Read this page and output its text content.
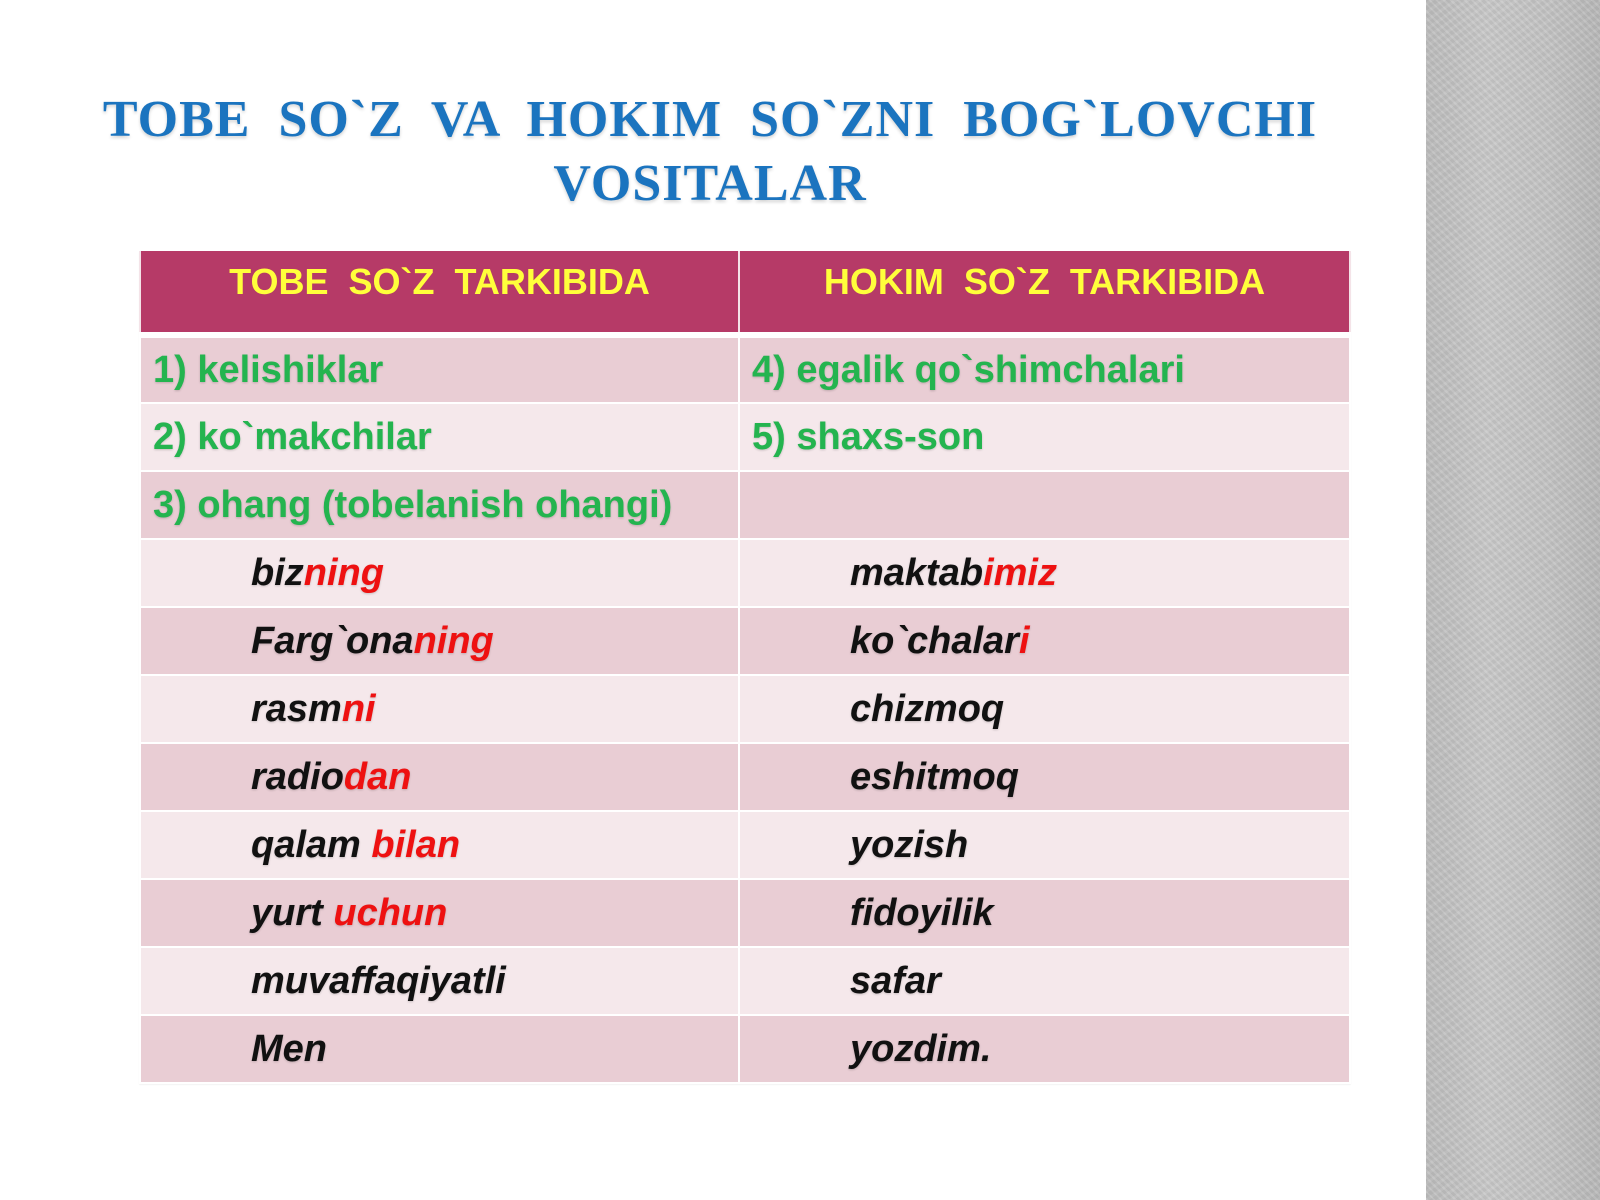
TOBE SO`Z VA HOKIM SO`ZNI BOG`LOVCHI
VOSITALAR
TOBE SO`Z TARKIBIDA	HOKIM SO`Z TARKIBIDA
1) kelishiklar	4) egalik qo`shimchalari
2) ko`makchilar	5) shaxs-son
3) ohang (tobelanish ohangi)	
bizning	maktabimiz
Farg`onaning	ko`chalari
rasmni	chizmoq
radiodan	eshitmoq
qalam bilan	yozish
yurt uchun	fidoyilik
muvaffaqiyatli	safar
Men	yozdim.
